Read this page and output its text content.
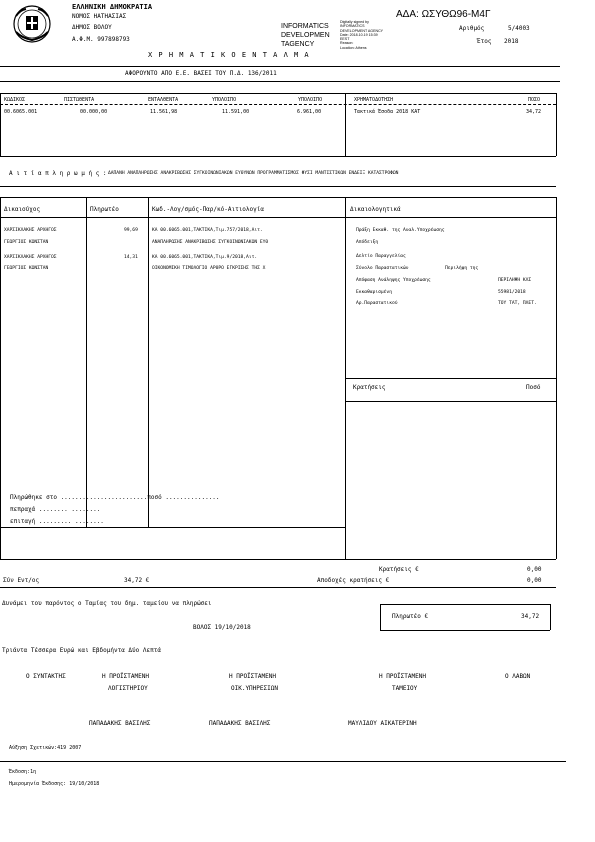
ΕΛΛΗΝΙΚΗ ΔΗΜΟΚΡΑΤΙΑ
ΝΟΜΟΣ ΗΑΤΗΑΣΙΑΣ
ΔΗΜΟΣ ΒΟΛΟΥ
Α.Φ.Μ. 997898793
INFORMATICS
DEVELOPMEN
TAGENCY
Digitally signed by
INFORMATICS
DEVELOPMENT AGENCY
Date: 2018.10.19 15:39
EEST
Reason:
Location: Athens
ΑΔΑ: ΩΣΥΘΩ96-Μ4Γ
Αριθμός	5/4003
Έτος 2018
Χ Ρ Η Μ Α Τ Ι Κ Ο Ε Ν Τ Α Λ Μ Α
ΑΦΟΡΟΥΝΤΟ ΑΠΟ Ε.Ε. ΒΑΣΕΙ ΤΟΥ Π.Δ. 136/2011
ΚΩΔΙΚΟΣ	ΠΙΣΤΩΘΕΝΤΑ	ΕΝΤΑΛΘΕΝΤΑ	ΥΠΟΛΟΙΠΟ	ΥΠΟΛΟΙΠΟ	ΧΡΗΜΑΤΟΔΟΤΗΣΗ	ΠΟΣΟ
00.6065.001	00.000,00	11.561,98	11.591,00	6.961,00	Τακτικά Έσοδα 2018 ΚΑΤ	34,72
Α ι τ ί α π λ η ρ ω μ ή ς : ΔΑΠΑΝΗ ΑΝΑΠΛΗΡΩΣΗΣ ΑΝΑΚΡΙΒΩΣΗΣ ΣΥΓΚΟΙΝΩΝΙΑΚΩΝ ΕΥΘΥΝΩΝ ΠΡΟΓΡΑΜΜΑΤΙΣΜΟΣ ΦΥΣΙ ΜΑΝΤΙΣΤΙΚΩΝ ΕΝΔΕΙΞ ΚΑΤΑΣΤΡΟΦΩΝ
Δικαιούχος	Πληρωτέο	Κωδ.-Λογ/σμός-Παρ/κό-Αιτιολογία	Δικαιολογητικά
ΧΑΡΣΙΚΛΑΚΗΣ ΑΡΧΗΓΟΣ	99,69	ΚΑ 00.6065.001,ΤΑΚΤΙΚΑ,Τιμ.757/2018,Αιτ.
ΓΕΩΡΓΙΟΣ ΚΩΝΣΤΑΝ	ΑΝΑΠΛΗΡΩΣΗΣ ΑΝΑΚΡΙΒΩΣΗΣ ΣΥΓΚΟΙΝΩΝΙΑΚΩΝ ΕΥΘ
ΧΑΡΣΙΚΛΑΚΗΣ ΑΡΧΗΓΟΣ	14,31	ΚΑ 00.6065.001,ΤΑΚΤΙΚΑ,Τιμ.9/2018,Αιτ.
ΓΕΩΡΓΙΟΣ ΚΩΝΣΤΑΝ	ΟΙΚΟΝΟΜΙΚΗ ΤΙΜΟΛΟΓΙΟ ΑΡΘΡΟ ΕΓΚΡΙΣΗΣ ΤΗΣ Χ
Πράξη Εκκαθ. της Αναλ.Υποχρέωσης
Απόδειξη
Δελτίο Παραγγελίας
Σύνολο Παραστατικών	Περιλήψη της
Απόφαση Ανάληψης Υποχρέωσης	ΠΕΡΙΛΗΨΗ ΚΛΣ
Εκκαθαρισμένη	55981/2018
Αρ.Παραστατικού	ΤΟΥ ΤΑΤ, ΠΛΕΤ.
Κρατήσεις	Ποσό
Πληρώθηκε στο ........................ποσό ...............
πεπραχά ........ ........
επιταγή ......... ........
Κρατήσεις €	0,00
Σύν Εντ/ος	34,72 €	Αποδοχές κρατήσεις €	0,00
Δυνάμει του παρόντος ο Ταμίας του δημ. ταμείου να πληρώσει
Πληρωτέο €	34,72
ΒΟΛΟΣ 19/10/2018
Τριάντα Τέσσερα Ευρώ και Εβδομήντα Δύο Λεπτά
Ο ΣΥΝΤΑΚΤΗΣ	Η ΠΡΟΪΣΤΑΜΕΝΗ
ΛΟΓΙΣΤΗΡΙΟΥ
Η ΠΡΟΪΣΤΑΜΕΝΗ
ΟΙΚ.ΥΠΗΡΕΣΙΩΝ
Η ΠΡΟΪΣΤΑΜΕΝΗ
ΤΑΜΕΙΟΥ
Ο ΛΑΒΩΝ
ΠΑΠΑΔΑΚΗΣ ΒΑΣΙΛΗΣ	ΠΑΠΑΔΑΚΗΣ ΒΑΣΙΛΗΣ	ΜΑΥΛΙΔΟΥ ΑΙΚΑΤΕΡΙΝΗ
Αύξηση Σχετικών:419 2007
Έκδοση:1η
Ημερομηνία Έκδοσης: 19/10/2018
